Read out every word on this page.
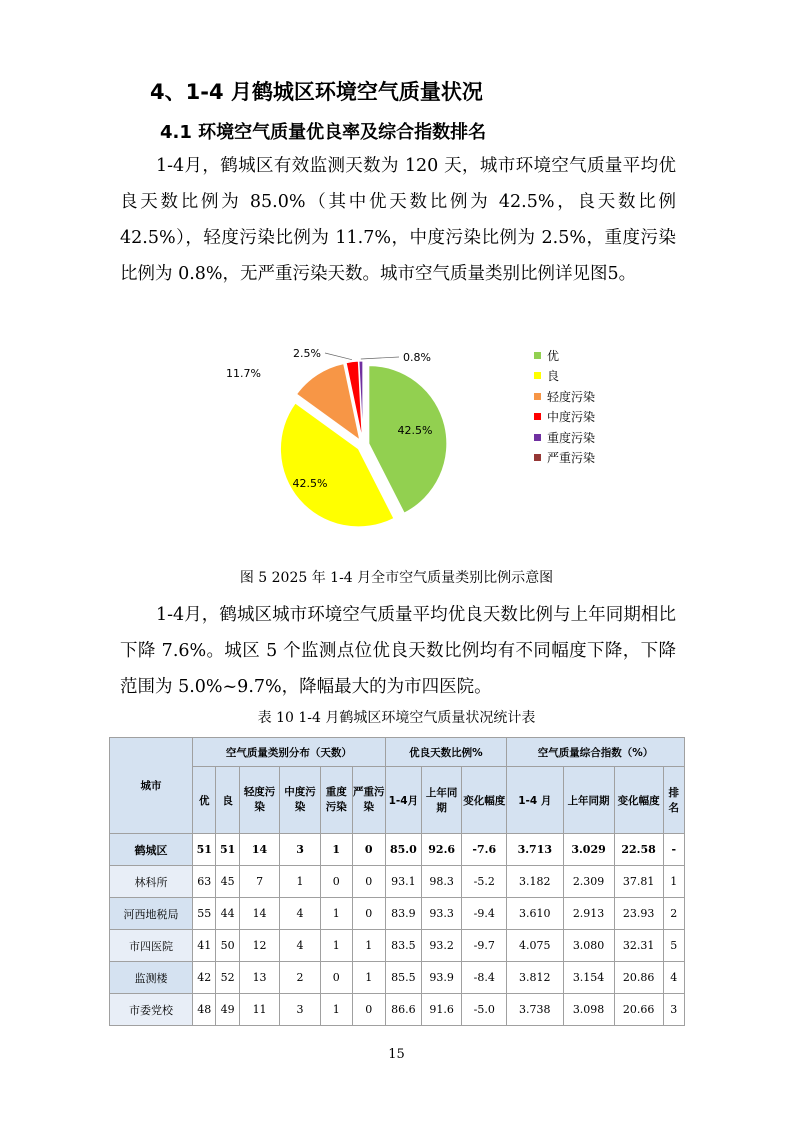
4、1-4 月鹤城区环境空气质量状况
4.1 环境空气质量优良率及综合指数排名

1-4月，鹤城区有效监测天数为 120 天，城市环境空气质量平均优良天数比例为 85.0%（其中优天数比例为 42.5%，良天数比例42.5%），轻度污染比例为 11.7%，中度污染比例为 2.5%，重度污染比例为 0.8%，无严重污染天数。城市空气质量类别比例详见图5。

42.5%
42.5%
11.7%
2.5%	0.8%	优
良
轻度污染
中度污染
重度污染
严重污染
图 5 2025 年 1-4 月全市空气质量类别比例示意图

1-4月，鹤城区城市环境空气质量平均优良天数比例与上年同期相比下降 7.6%。城区 5 个监测点位优良天数比例均有不同幅度下降，下降范围为 5.0%~9.7%，降幅最大的为市四医院。

表 10 1-4 月鹤城区环境空气质量状况统计表
城市	空气质量类别分布（天数）						优良天数比例%			空气质量综合指数（%）			
	优	良	轻度污染	中度污染	重度污染	严重污染	1-4月	上年同期	变化幅度	1-4 月	上年同期	变化幅度	排名
鹤城区	51	51	14	3	1	0	85.0	92.6	-7.6	3.713	3.029	22.58	-
林科所	63	45	7	1	0	0	93.1	98.3	-5.2	3.182	2.309	37.81	1
河西地税局	55	44	14	4	1	0	83.9	93.3	-9.4	3.610	2.913	23.93	2
市四医院	41	50	12	4	1	1	83.5	93.2	-9.7	4.075	3.080	32.31	5
监测楼	42	52	13	2	0	1	85.5	93.9	-8.4	3.812	3.154	20.86	4
市委党校	48	49	11	3	1	0	86.6	91.6	-5.0	3.738	3.098	20.66	3
15
